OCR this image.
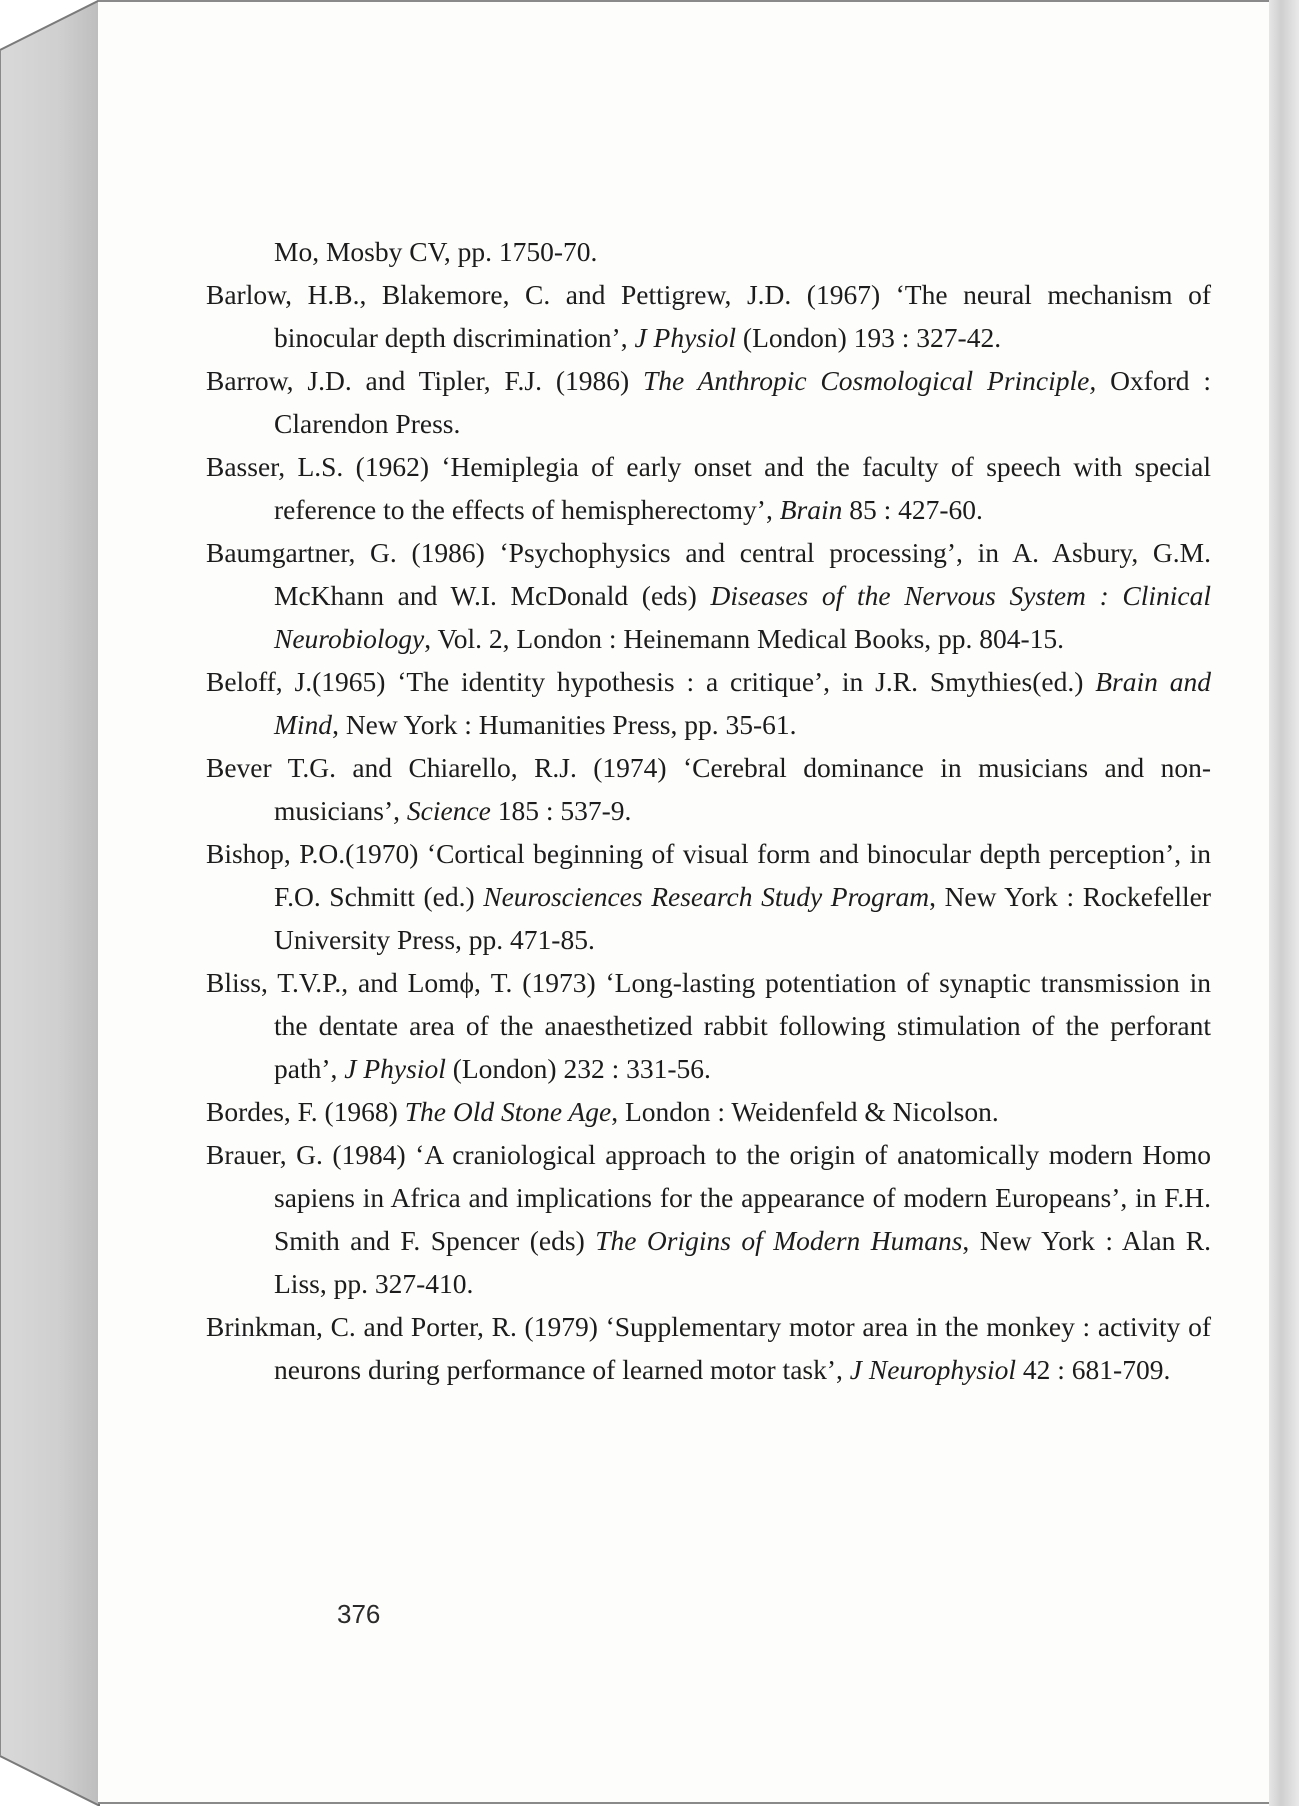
Mo, Mosby CV, pp. 1750-70.
Barlow, H.B., Blakemore, C. and Pettigrew, J.D. (1967) ‘The neural mechanism of binocular depth discrimination’, J Physiol (London) 193 : 327-42.
Barrow, J.D. and Tipler, F.J. (1986) The Anthropic Cosmological Principle, Oxford : Clarendon Press.
Basser, L.S. (1962) ‘Hemiplegia of early onset and the faculty of speech with special reference to the effects of hemispherectomy’, Brain 85 : 427-60.
Baumgartner, G. (1986) ‘Psychophysics and central processing’, in A. Asbury, G.M. McKhann and W.I. McDonald (eds) Diseases of the Nervous System : Clinical Neurobiology, Vol. 2, London : Heinemann Medical Books, pp. 804-15.
Beloff, J.(1965) ‘The identity hypothesis : a critique’, in J.R. Smythies(ed.) Brain and Mind, New York : Humanities Press, pp. 35-61.
Bever T.G. and Chiarello, R.J. (1974) ‘Cerebral dominance in musicians and non-musicians’, Science 185 : 537-9.
Bishop, P.O.(1970) ‘Cortical beginning of visual form and binocular depth perception’, in F.O. Schmitt (ed.) Neurosciences Research Study Program, New York : Rockefeller University Press, pp. 471-85.
Bliss, T.V.P., and Lomϕ, T. (1973) ‘Long-lasting potentiation of synaptic transmission in the dentate area of the anaesthetized rabbit following stimulation of the perforant path’, J Physiol (London) 232 : 331-56.
Bordes, F. (1968) The Old Stone Age, London : Weidenfeld & Nicolson.
Brauer, G. (1984) ‘A craniological approach to the origin of anatomically modern Homo sapiens in Africa and implications for the appearance of modern Europeans’, in F.H. Smith and F. Spencer (eds) The Origins of Modern Humans, New York : Alan R. Liss, pp. 327-410.
Brinkman, C. and Porter, R. (1979) ‘Supplementary motor area in the monkey : activity of neurons during performance of learned motor task’, J Neurophysiol 42 : 681-709.

376
